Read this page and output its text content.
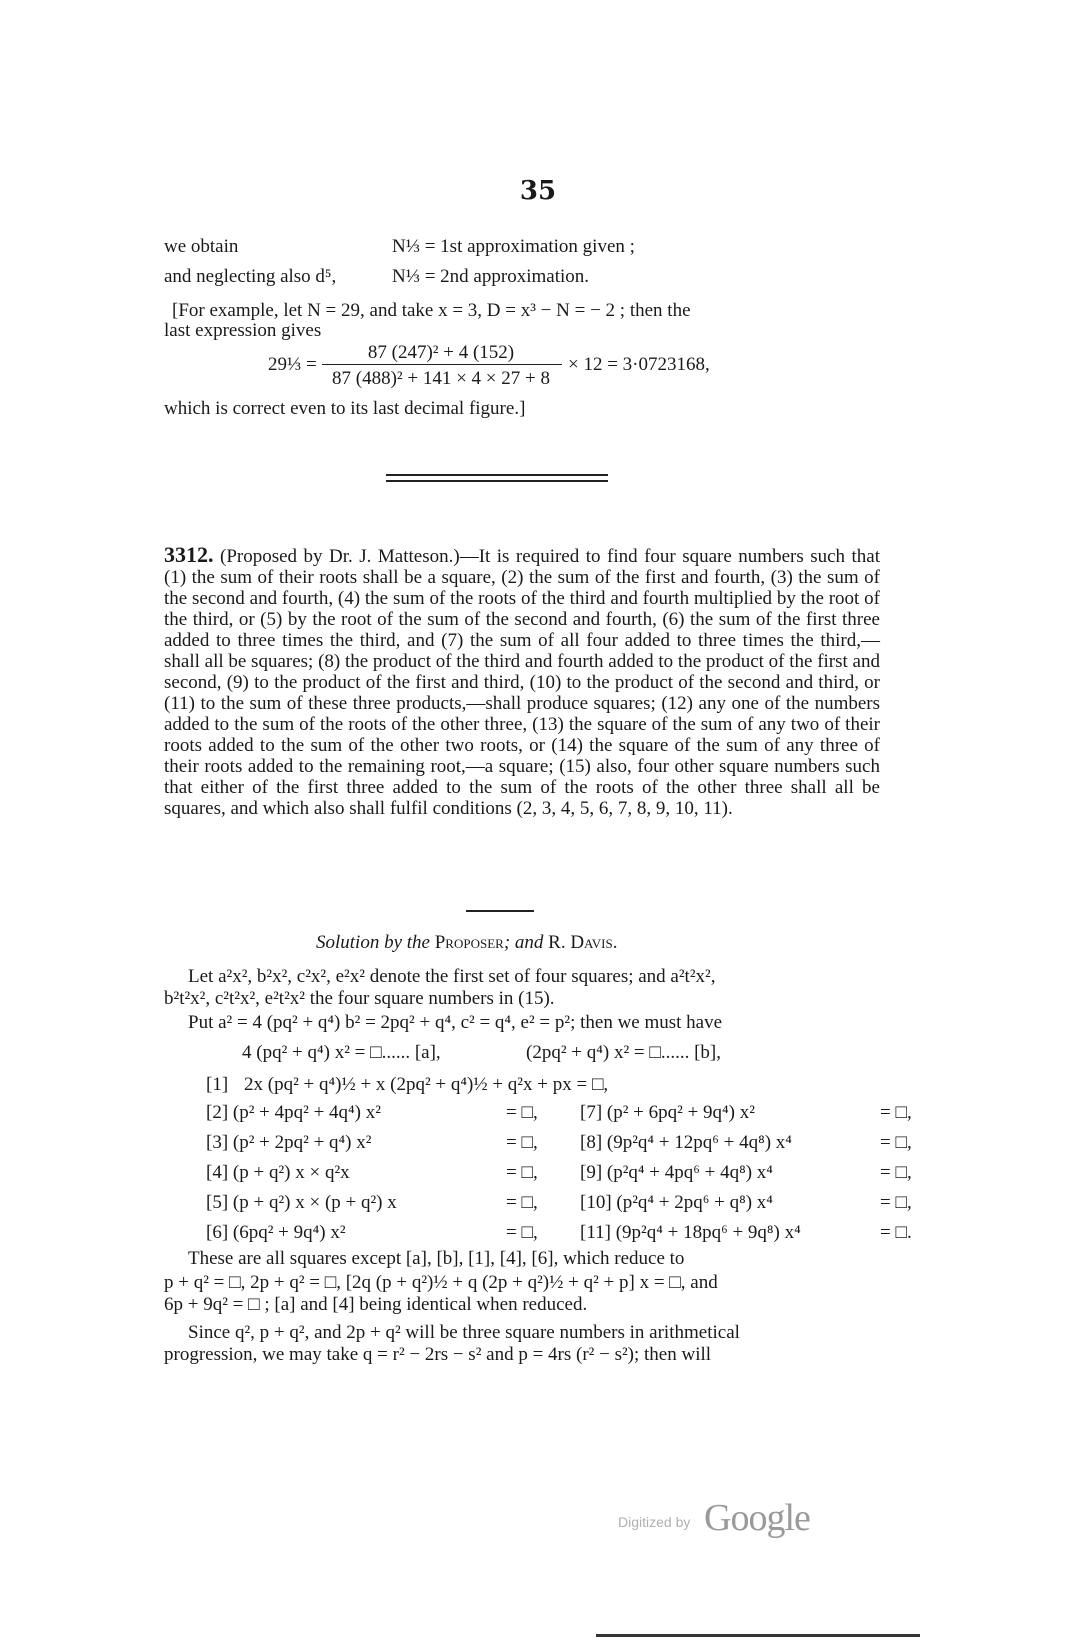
35
we obtain	N⅓ = 1st approximation given ;
and neglecting also d⁵,	N⅓ = 2nd approximation.
[For example, let N = 29, and take x = 3, D = x³ − N = − 2 ; then the
last expression gives
29⅓ =
87 (247)² + 4 (152)
87 (488)² + 141 × 4 × 27 + 8
× 12 = 3·0723168,
which is correct even to its last decimal figure.]
3312. (Proposed by Dr. J. Matteson.)—It is required to find four square numbers such that (1) the sum of their roots shall be a square, (2) the sum of the first and fourth, (3) the sum of the second and fourth, (4) the sum of the roots of the third and fourth multiplied by the root of the third, or (5) by the root of the sum of the second and fourth, (6) the sum of the first three added to three times the third, and (7) the sum of all four added to three times the third,—shall all be squares; (8) the product of the third and fourth added to the product of the first and second, (9) to the product of the first and third, (10) to the product of the second and third, or (11) to the sum of these three products,—shall produce squares; (12) any one of the numbers added to the sum of the roots of the other three, (13) the square of the sum of any two of their roots added to the sum of the other two roots, or (14) the square of the sum of any three of their roots added to the remaining root,—a square; (15) also, four other square numbers such that either of the first three added to the sum of the roots of the other three shall all be squares, and which also shall fulfil conditions (2, 3, 4, 5, 6, 7, 8, 9, 10, 11).
Solution by the Proposer; and R. Davis.
Let a²x², b²x², c²x², e²x² denote the first set of four squares; and a²t²x²,
b²t²x², c²t²x², e²t²x² the four square numbers in (15).
Put a² = 4 (pq² + q⁴) b² = 2pq² + q⁴, c² = q⁴, e² = p²; then we must have
4 (pq² + q⁴) x² = □...... [a],	(2pq² + q⁴) x² = □...... [b],
[1] 2x (pq² + q⁴)½ + x (2pq² + q⁴)½ + q²x + px = □,
[2] (p² + 4pq² + 4q⁴) x²	= □,	[7] (p² + 6pq² + 9q⁴) x²	= □,
[3] (p² + 2pq² + q⁴) x²	= □,	[8] (9p²q⁴ + 12pq⁶ + 4q⁸) x⁴	= □,
[4] (p + q²) x × q²x	= □,	[9] (p²q⁴ + 4pq⁶ + 4q⁸) x⁴	= □,
[5] (p + q²) x × (p + q²) x	= □,	[10] (p²q⁴ + 2pq⁶ + q⁸) x⁴	= □,
[6] (6pq² + 9q⁴) x²	= □,	[11] (9p²q⁴ + 18pq⁶ + 9q⁸) x⁴	= □.
These are all squares except [a], [b], [1], [4], [6], which reduce to
p + q² = □, 2p + q² = □, [2q (p + q²)½ + q (2p + q²)½ + q² + p] x = □, and
6p + 9q² = □ ; [a] and [4] being identical when reduced.
Since q², p + q², and 2p + q² will be three square numbers in arithmetical
progression, we may take q = r² − 2rs − s² and p = 4rs (r² − s²); then will
Digitized by Google
